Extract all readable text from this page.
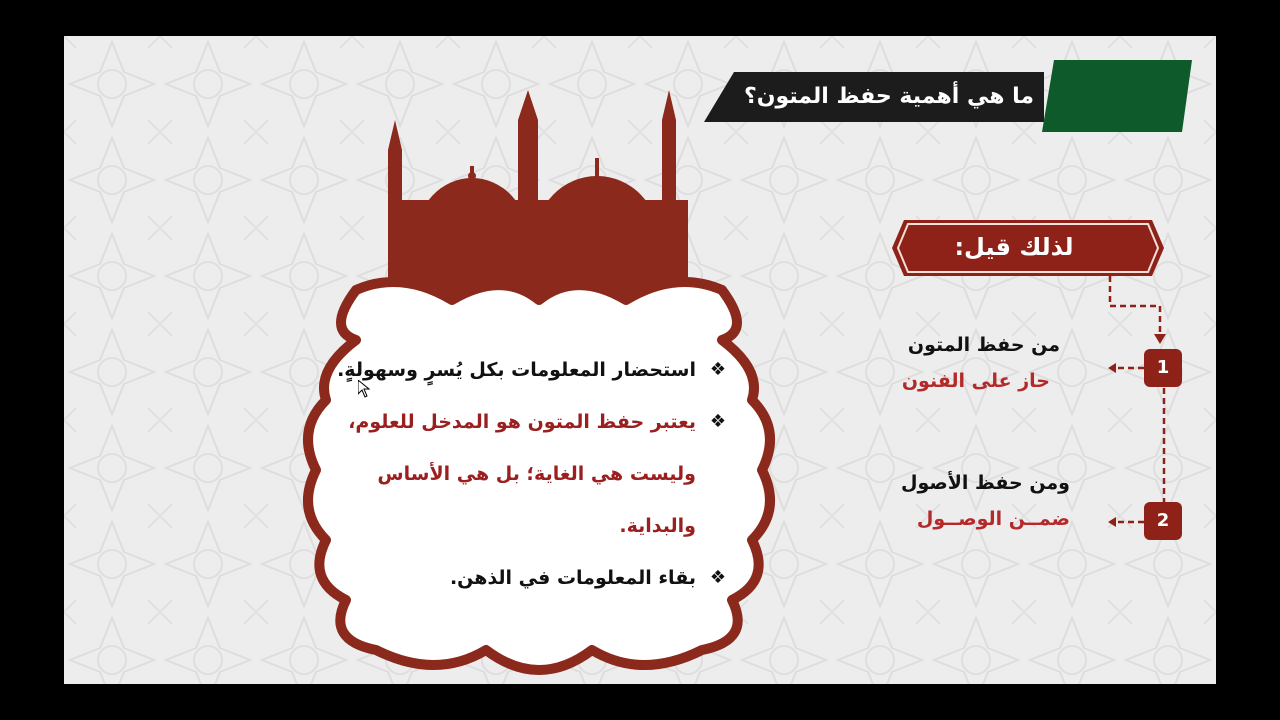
ما هي أهمية حفظ المتون؟
❖
استحضار المعلومات بكل يُسرٍ وسهولةٍ.
❖
يعتبر حفظ المتون هو المدخل للعلوم،
وليست هي الغاية؛ بل هي الأساس
والبداية.
❖
بقاء المعلومات في الذهن.
لذلك قيل:
1
2
من حفظ المتون
حاز على الفنون
ومن حفظ الأصول
ضمــن الوصــول
